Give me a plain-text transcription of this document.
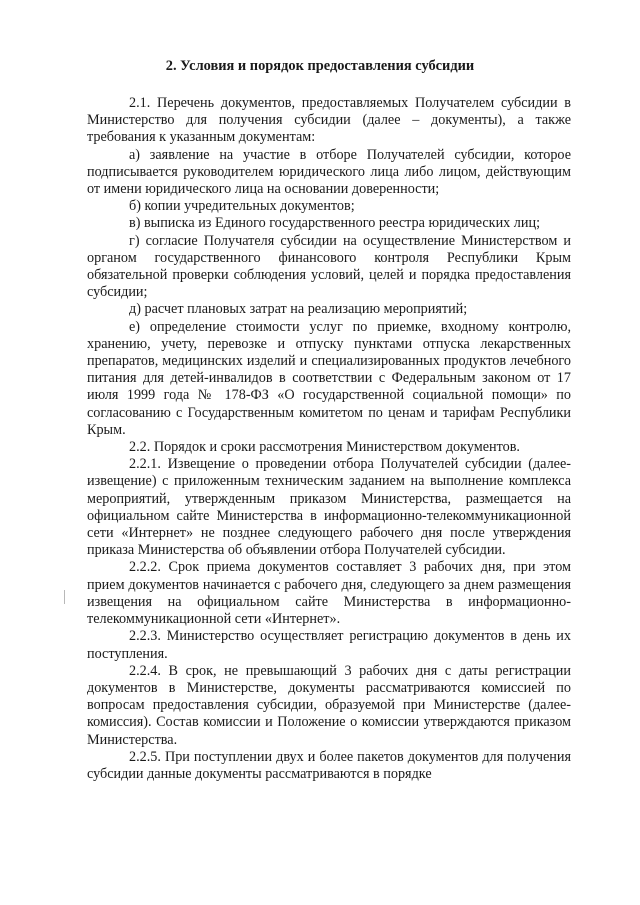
2. Условия и порядок предоставления субсидии

2.1. Перечень документов, предоставляемых Получателем субсидии в Министерство для получения субсидии (далее – документы), а также требования к указанным документам:

а) заявление на участие в отборе Получателей субсидии, которое подписывается руководителем юридического лица либо лицом, действующим от имени юридического лица на основании доверенности;

б) копии учредительных документов;

в) выписка из Единого государственного реестра юридических лиц;

г) согласие Получателя субсидии на осуществление Министерством и органом государственного финансового контроля Республики Крым обязательной проверки соблюдения условий, целей и порядка предоставления субсидии;

д) расчет плановых затрат на реализацию мероприятий;

е) определение стоимости услуг по приемке, входному контролю, хранению, учету, перевозке и отпуску пунктами отпуска лекарственных препаратов, медицинских изделий и специализированных продуктов лечебного питания для детей-инвалидов в соответствии с Федеральным законом от 17 июля 1999 года № 178-ФЗ «О государственной социальной помощи» по согласованию с Государственным комитетом по ценам и тарифам Республики Крым.

2.2. Порядок и сроки рассмотрения Министерством документов.

2.2.1. Извещение о проведении отбора Получателей субсидии (далее-извещение) с приложенным техническим заданием на выполнение комплекса мероприятий, утвержденным приказом Министерства, размещается на официальном сайте Министерства в информационно-телекоммуникационной сети «Интернет» не позднее следующего рабочего дня после утверждения приказа Министерства об объявлении отбора Получателей субсидии.

2.2.2. Срок приема документов составляет 3 рабочих дня, при этом прием документов начинается с рабочего дня, следующего за днем размещения извещения на официальном сайте Министерства в информационно-телекоммуникационной сети «Интернет».

2.2.3. Министерство осуществляет регистрацию документов в день их поступления.

2.2.4. В срок, не превышающий 3 рабочих дня с даты регистрации документов в Министерстве, документы рассматриваются комиссией по вопросам предоставления субсидии, образуемой при Министерстве (далее-комиссия). Состав комиссии и Положение о комиссии утверждаются приказом Министерства.

2.2.5. При поступлении двух и более пакетов документов для получения субсидии данные документы рассматриваются в порядке
